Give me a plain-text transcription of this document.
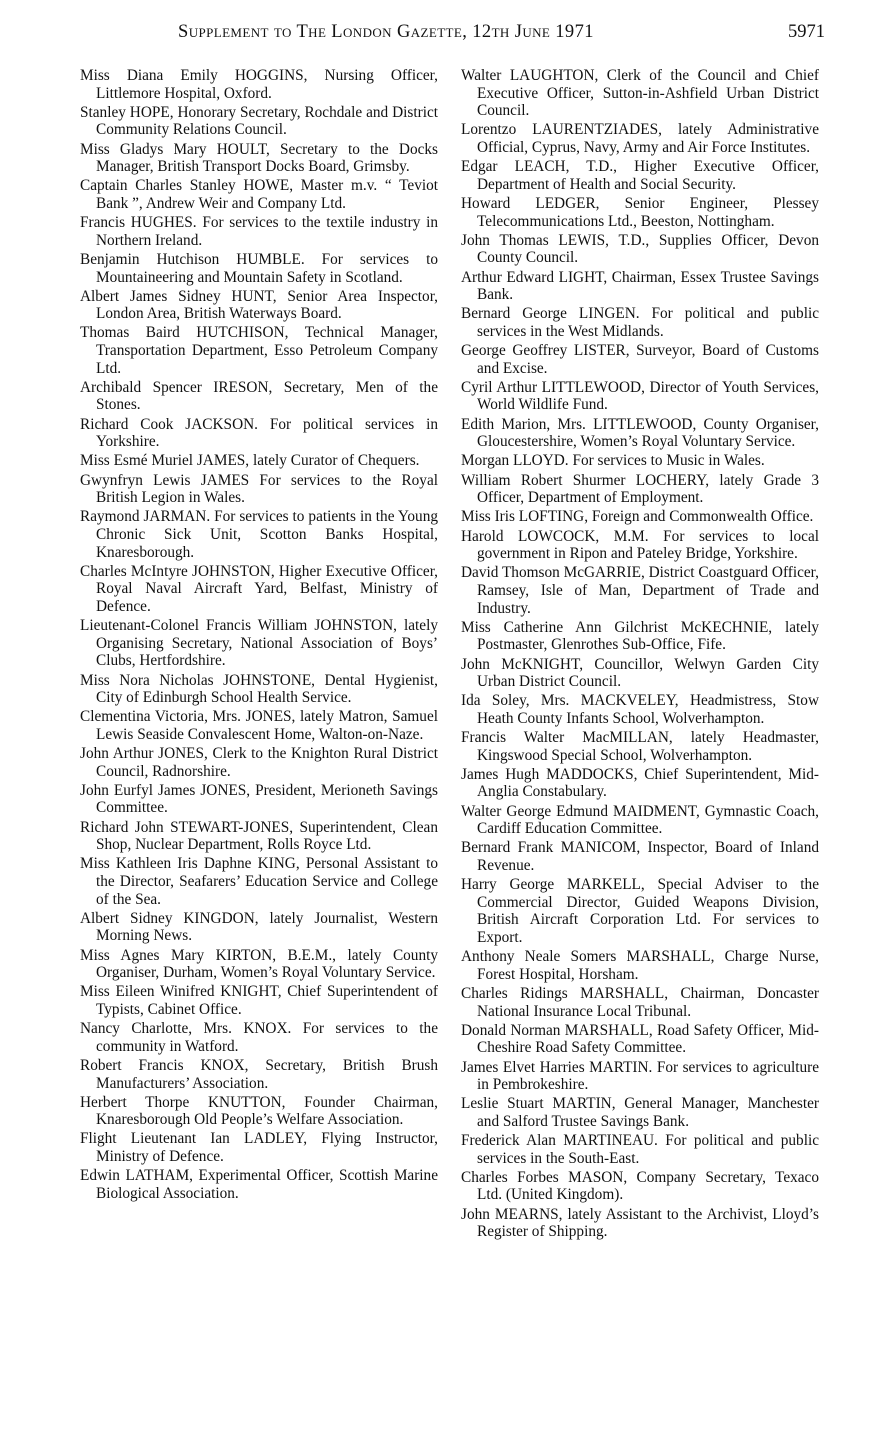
Supplement to The London Gazette, 12th June 1971	5971

Miss Diana Emily HOGGINS, Nursing Officer, Littlemore Hospital, Oxford.

Stanley HOPE, Honorary Secretary, Rochdale and District Community Relations Council.

Miss Gladys Mary HOULT, Secretary to the Docks Manager, British Transport Docks Board, Grimsby.

Captain Charles Stanley HOWE, Master m.v. “ Teviot Bank ”, Andrew Weir and Company Ltd.

Francis HUGHES. For services to the textile industry in Northern Ireland.

Benjamin Hutchison HUMBLE. For services to Mountaineering and Mountain Safety in Scotland.

Albert James Sidney HUNT, Senior Area Inspector, London Area, British Waterways Board.

Thomas Baird HUTCHISON, Technical Manager, Transportation Department, Esso Petroleum Company Ltd.

Archibald Spencer IRESON, Secretary, Men of the Stones.

Richard Cook JACKSON. For political services in Yorkshire.

Miss Esmé Muriel JAMES, lately Curator of Chequers.

Gwynfryn Lewis JAMES For services to the Royal British Legion in Wales.

Raymond JARMAN. For services to patients in the Young Chronic Sick Unit, Scotton Banks Hospital, Knaresborough.

Charles McIntyre JOHNSTON, Higher Executive Officer, Royal Naval Aircraft Yard, Belfast, Ministry of Defence.

Lieutenant-Colonel Francis William JOHNSTON, lately Organising Secretary, National Association of Boys’ Clubs, Hertfordshire.

Miss Nora Nicholas JOHNSTONE, Dental Hygienist, City of Edinburgh School Health Service.

Clementina Victoria, Mrs. JONES, lately Matron, Samuel Lewis Seaside Convalescent Home, Walton-on-Naze.

John Arthur JONES, Clerk to the Knighton Rural District Council, Radnorshire.

John Eurfyl James JONES, President, Merioneth Savings Committee.

Richard John STEWART-JONES, Superintendent, Clean Shop, Nuclear Department, Rolls Royce Ltd.

Miss Kathleen Iris Daphne KING, Personal Assistant to the Director, Seafarers’ Education Service and College of the Sea.

Albert Sidney KINGDON, lately Journalist, Western Morning News.

Miss Agnes Mary KIRTON, B.E.M., lately County Organiser, Durham, Women’s Royal Voluntary Service.

Miss Eileen Winifred KNIGHT, Chief Superintendent of Typists, Cabinet Office.

Nancy Charlotte, Mrs. KNOX. For services to the community in Watford.

Robert Francis KNOX, Secretary, British Brush Manufacturers’ Association.

Herbert Thorpe KNUTTON, Founder Chairman, Knaresborough Old People’s Welfare Association.

Flight Lieutenant Ian LADLEY, Flying Instructor, Ministry of Defence.

Edwin LATHAM, Experimental Officer, Scottish Marine Biological Association.

Walter LAUGHTON, Clerk of the Council and Chief Executive Officer, Sutton-in-Ashfield Urban District Council.

Lorentzo LAURENTZIADES, lately Administrative Official, Cyprus, Navy, Army and Air Force Institutes.

Edgar LEACH, T.D., Higher Executive Officer, Department of Health and Social Security.

Howard LEDGER, Senior Engineer, Plessey Telecommunications Ltd., Beeston, Nottingham.

John Thomas LEWIS, T.D., Supplies Officer, Devon County Council.

Arthur Edward LIGHT, Chairman, Essex Trustee Savings Bank.

Bernard George LINGEN. For political and public services in the West Midlands.

George Geoffrey LISTER, Surveyor, Board of Customs and Excise.

Cyril Arthur LITTLEWOOD, Director of Youth Services, World Wildlife Fund.

Edith Marion, Mrs. LITTLEWOOD, County Organiser, Gloucestershire, Women’s Royal Voluntary Service.

Morgan LLOYD. For services to Music in Wales.

William Robert Shurmer LOCHERY, lately Grade 3 Officer, Department of Employment.

Miss Iris LOFTING, Foreign and Commonwealth Office.

Harold LOWCOCK, M.M. For services to local government in Ripon and Pateley Bridge, Yorkshire.

David Thomson McGARRIE, District Coastguard Officer, Ramsey, Isle of Man, Department of Trade and Industry.

Miss Catherine Ann Gilchrist McKECHNIE, lately Postmaster, Glenrothes Sub-Office, Fife.

John McKNIGHT, Councillor, Welwyn Garden City Urban District Council.

Ida Soley, Mrs. MACKVELEY, Headmistress, Stow Heath County Infants School, Wolverhampton.

Francis Walter MacMILLAN, lately Headmaster, Kingswood Special School, Wolverhampton.

James Hugh MADDOCKS, Chief Superintendent, Mid-Anglia Constabulary.

Walter George Edmund MAIDMENT, Gymnastic Coach, Cardiff Education Committee.

Bernard Frank MANICOM, Inspector, Board of Inland Revenue.

Harry George MARKELL, Special Adviser to the Commercial Director, Guided Weapons Division, British Aircraft Corporation Ltd. For services to Export.

Anthony Neale Somers MARSHALL, Charge Nurse, Forest Hospital, Horsham.

Charles Ridings MARSHALL, Chairman, Doncaster National Insurance Local Tribunal.

Donald Norman MARSHALL, Road Safety Officer, Mid-Cheshire Road Safety Committee.

James Elvet Harries MARTIN. For services to agriculture in Pembrokeshire.

Leslie Stuart MARTIN, General Manager, Manchester and Salford Trustee Savings Bank.

Frederick Alan MARTINEAU. For political and public services in the South-East.

Charles Forbes MASON, Company Secretary, Texaco Ltd. (United Kingdom).

John MEARNS, lately Assistant to the Archivist, Lloyd’s Register of Shipping.
